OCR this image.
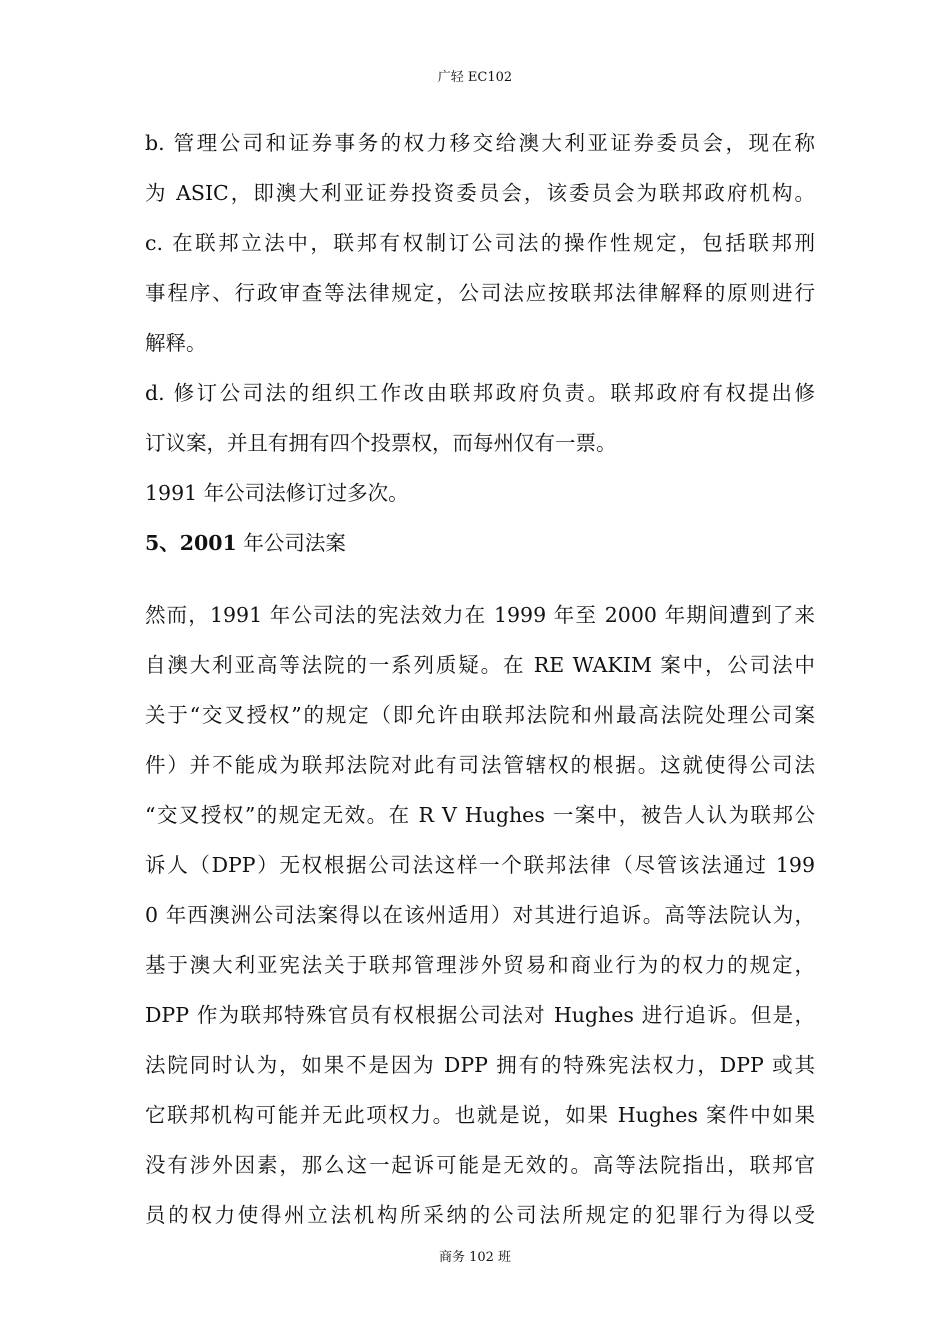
广轻 EC102
b. 管理公司和证券事务的权力移交给澳大利亚证券委员会，现在称
为 ASIC，即澳大利亚证券投资委员会，该委员会为联邦政府机构。
c. 在联邦立法中，联邦有权制订公司法的操作性规定，包括联邦刑
事程序、行政审查等法律规定，公司法应按联邦法律解释的原则进行
解释。
d. 修订公司法的组织工作改由联邦政府负责。联邦政府有权提出修
订议案，并且有拥有四个投票权，而每州仅有一票。
1991 年公司法修订过多次。
5、2001 年公司法案
然而，1991 年公司法的宪法效力在 1999 年至 2000 年期间遭到了来
自澳大利亚高等法院的一系列质疑。在 RE WAKIM 案中，公司法中
关于“交叉授权”的规定（即允许由联邦法院和州最高法院处理公司案
件）并不能成为联邦法院对此有司法管辖权的根据。这就使得公司法
“交叉授权”的规定无效。在 R V Hughes 一案中，被告人认为联邦公
诉人（DPP）无权根据公司法这样一个联邦法律（尽管该法通过 199
0 年西澳洲公司法案得以在该州适用）对其进行追诉。高等法院认为，
基于澳大利亚宪法关于联邦管理涉外贸易和商业行为的权力的规定，
DPP 作为联邦特殊官员有权根据公司法对 Hughes 进行追诉。但是，
法院同时认为，如果不是因为 DPP 拥有的特殊宪法权力，DPP 或其
它联邦机构可能并无此项权力。也就是说，如果 Hughes 案件中如果
没有涉外因素，那么这一起诉可能是无效的。高等法院指出，联邦官
员的权力使得州立法机构所采纳的公司法所规定的犯罪行为得以受
商务 102 班
